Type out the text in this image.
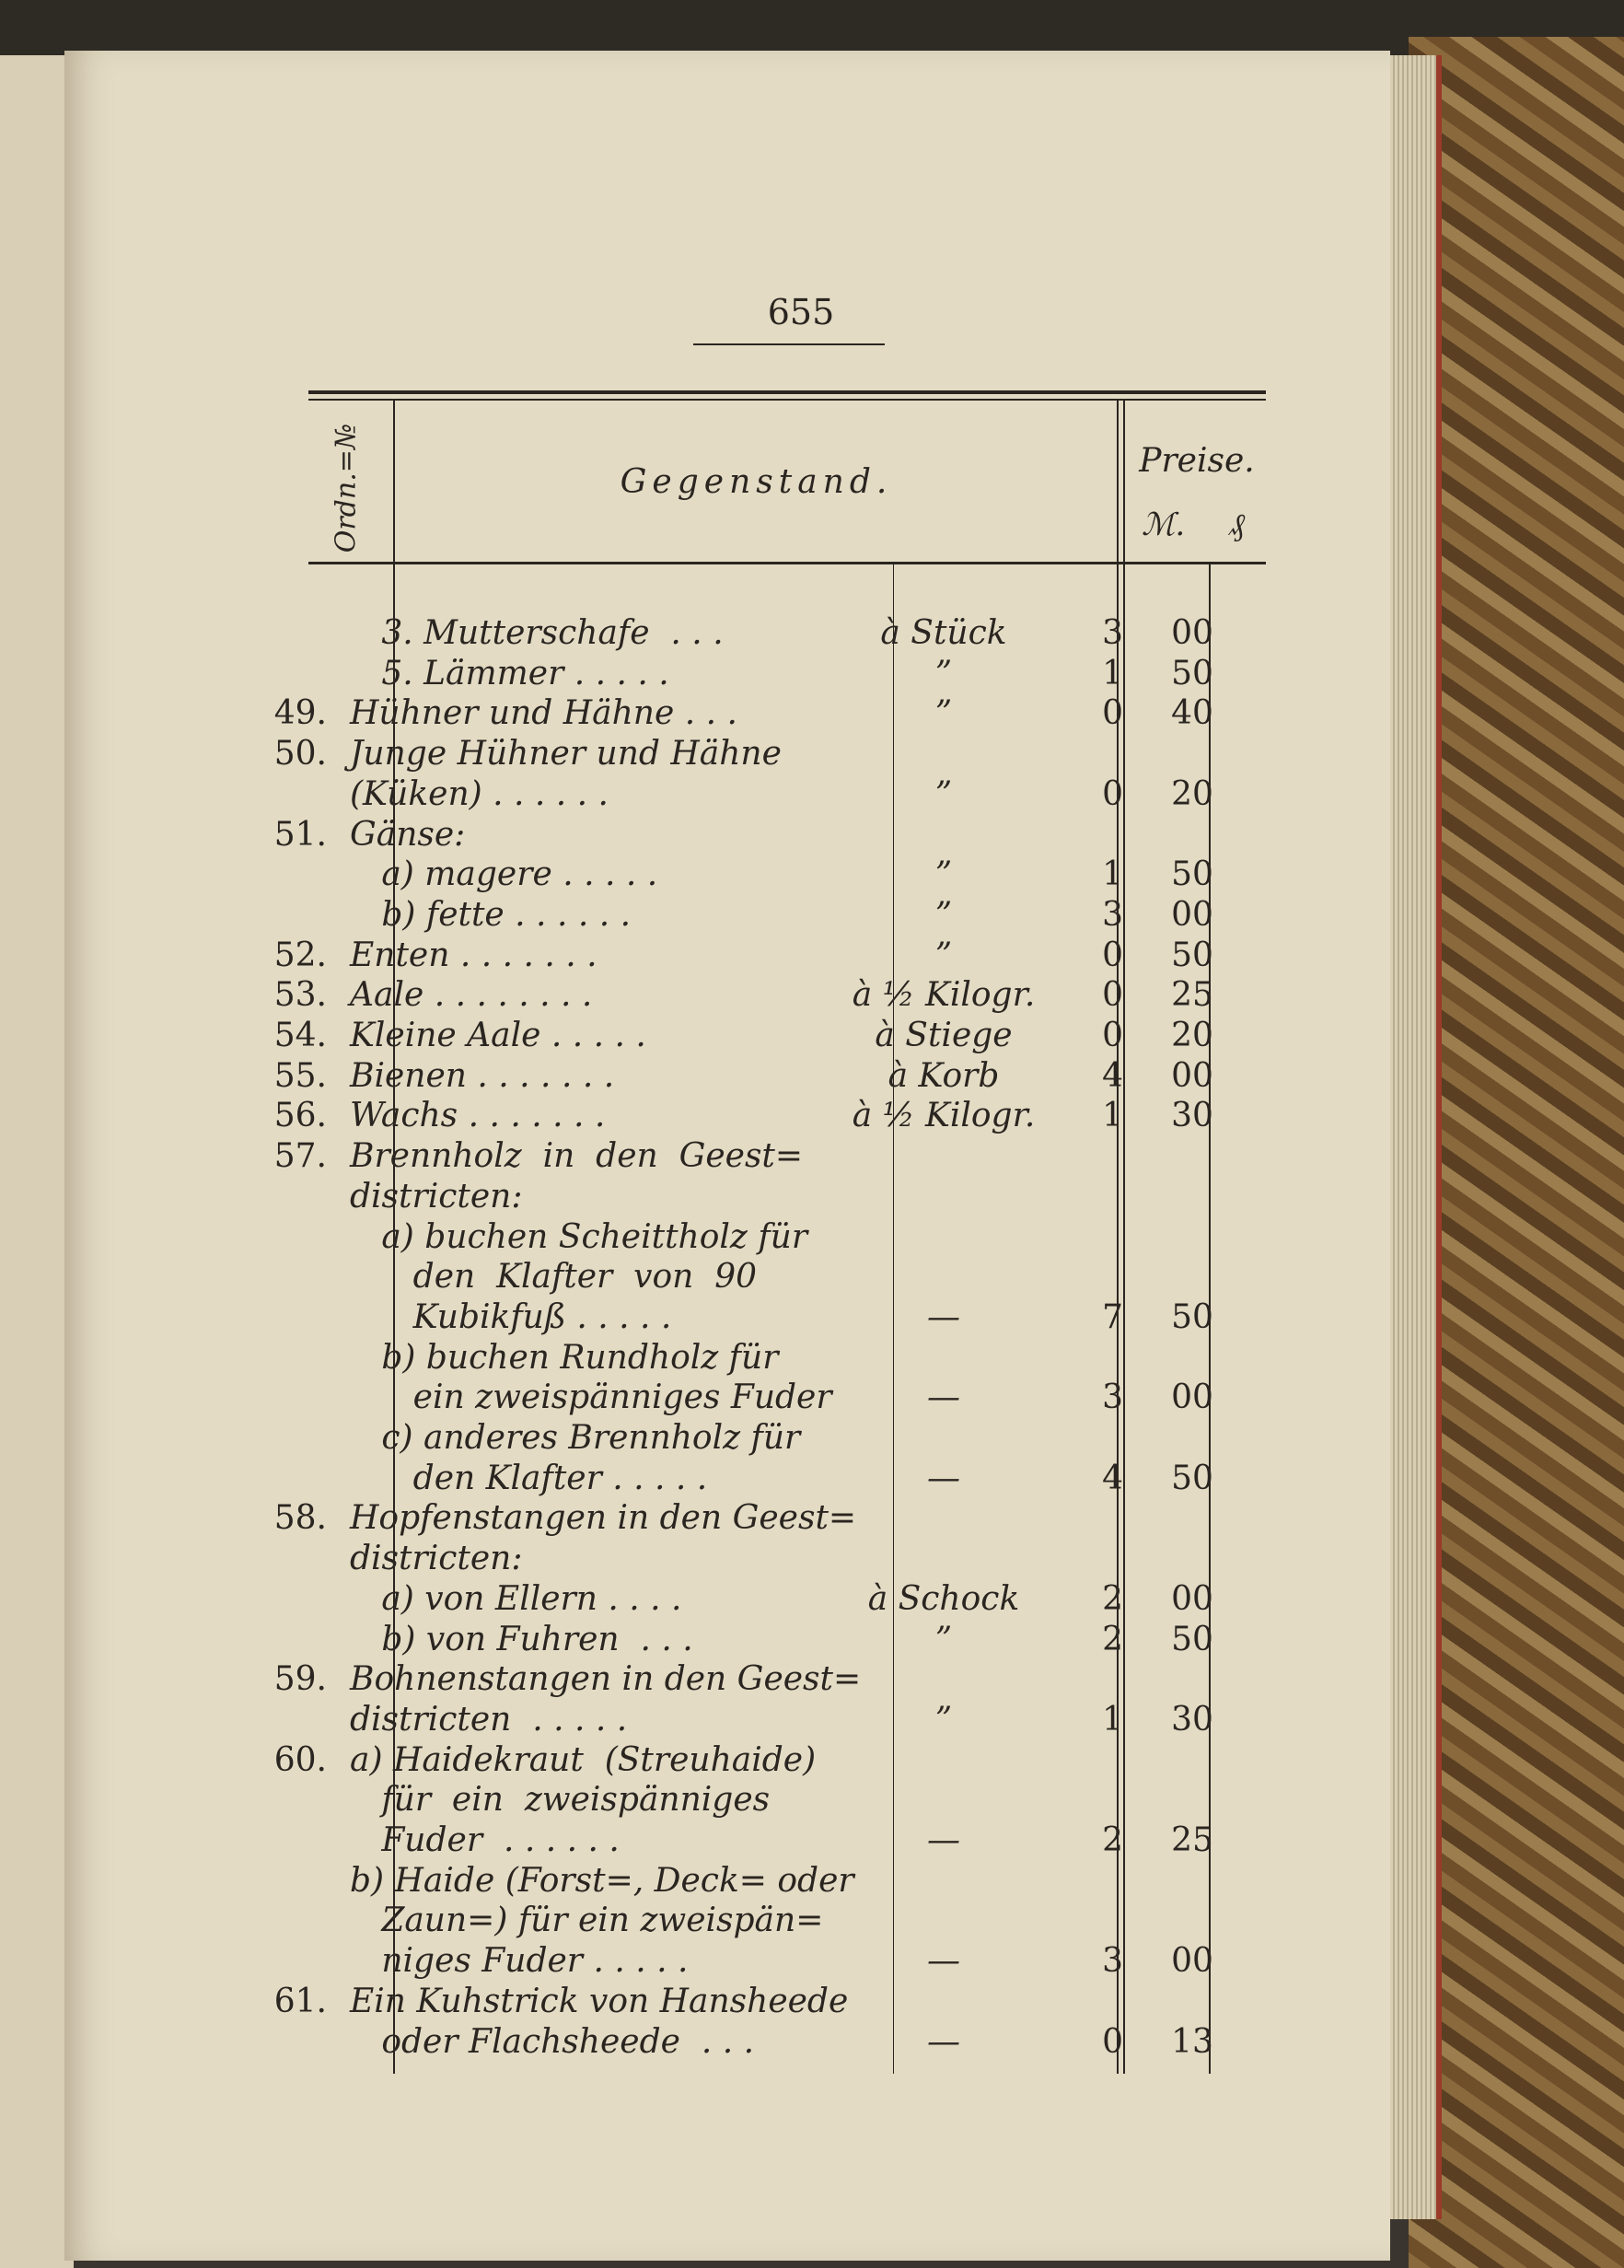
655
Ordn.=№	Gegenstand.
Preise.
ℳ. ₰
3. Mutterschafe  . . .	à Stück	3	00
5. Lämmer . . . . .	”	1	50
49. Hühner und Hähne . . .	”	0	40
50. Junge Hühner und Hähne
(Küken) . . . . . .	”	0	20
51. Gänse:
a) magere . . . . .	”	1	50
b) fette . . . . . .	”	3	00
52. Enten . . . . . . .	”	0	50
53. Aale . . . . . . . .	à ½ Kilogr.	0	25
54. Kleine Aale . . . . .	à Stiege	0	20
55. Bienen . . . . . . .	à Korb	4	00
56. Wachs . . . . . . .	à ½ Kilogr.	1	30
57. Brennholz  in  den  Geest=
districten:
a) buchen Scheittholz für
den  Klafter  von  90
Kubikfuß . . . . .	—	7	50
b) buchen Rundholz für
ein zweispänniges Fuder	—	3	00
c) anderes Brennholz für
den Klafter . . . . .	—	4	50
58. Hopfenstangen in den Geest=
districten:
a) von Ellern . . . .	à Schock	2	00
b) von Fuhren  . . .	”	2	50
59. Bohnenstangen in den Geest=
districten  . . . . .	”	1	30
60. a) Haidekraut  (Streuhaide)
für  ein  zweispänniges
Fuder  . . . . . .	—	2	25
b) Haide (Forst=, Deck= oder
Zaun=) für ein zweispän=
niges Fuder . . . . .	—	3	00
61. Ein Kuhstrick von Hansheede
oder Flachsheede  . . .	—	0	13
